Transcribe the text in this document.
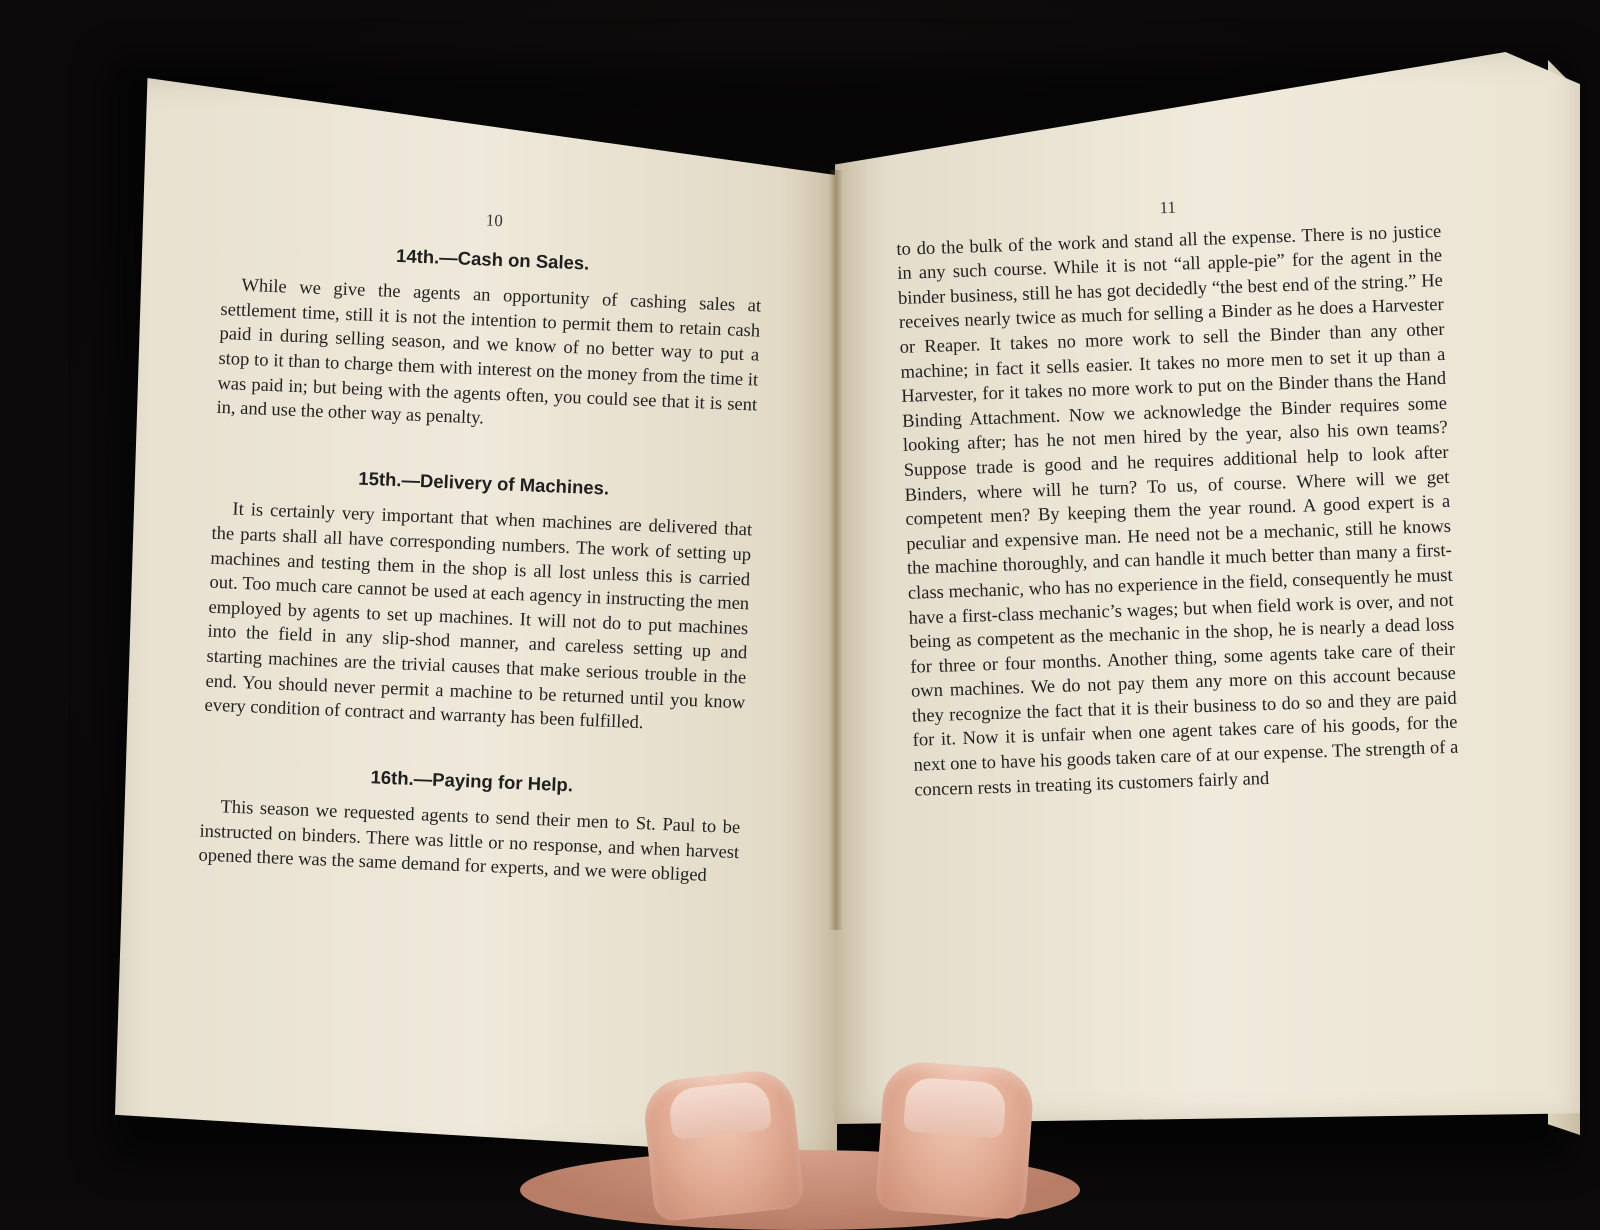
10
14th.—Cash on Sales.
While we give the agents an opportunity of cashing sales at settlement time, still it is not the intention to permit them to retain cash paid in during selling season, and we know of no better way to put a stop to it than to charge them with interest on the money from the time it was paid in; but being with the agents often, you could see that it is sent in, and use the other way as penalty.
15th.—Delivery of Machines.
It is certainly very important that when machines are delivered that the parts shall all have corresponding numbers. The work of setting up machines and testing them in the shop is all lost unless this is carried out. Too much care cannot be used at each agency in instructing the men employed by agents to set up machines. It will not do to put machines into the field in any slip-shod manner, and careless setting up and starting machines are the trivial causes that make serious trouble in the end. You should never permit a machine to be returned until you know every condition of contract and warranty has been fulfilled.
16th.—Paying for Help.
This season we requested agents to send their men to St. Paul to be instructed on binders. There was little or no response, and when harvest opened there was the same demand for experts, and we were obliged
11
to do the bulk of the work and stand all the expense. There is no justice in any such course. While it is not “all apple-pie” for the agent in the binder business, still he has got decidedly “the best end of the string.” He receives nearly twice as much for selling a Binder as he does a Harvester or Reaper. It takes no more work to sell the Binder than any other machine; in fact it sells easier. It takes no more men to set it up than a Harvester, for it takes no more work to put on the Binder thans the Hand Binding Attachment. Now we acknowledge the Binder requires some looking after; has he not men hired by the year, also his own teams? Suppose trade is good and he requires additional help to look after Binders, where will he turn? To us, of course. Where will we get competent men? By keeping them the year round. A good expert is a peculiar and expensive man. He need not be a mechanic, still he knows the machine thoroughly, and can handle it much better than many a first-class mechanic, who has no experience in the field, consequently he must have a first-class mechanic’s wages; but when field work is over, and not being as competent as the mechanic in the shop, he is nearly a dead loss for three or four months. Another thing, some agents take care of their own machines. We do not pay them any more on this account because they recognize the fact that it is their business to do so and they are paid for it. Now it is unfair when one agent takes care of his goods, for the next one to have his goods taken care of at our expense. The strength of a concern rests in treating its customers fairly and
